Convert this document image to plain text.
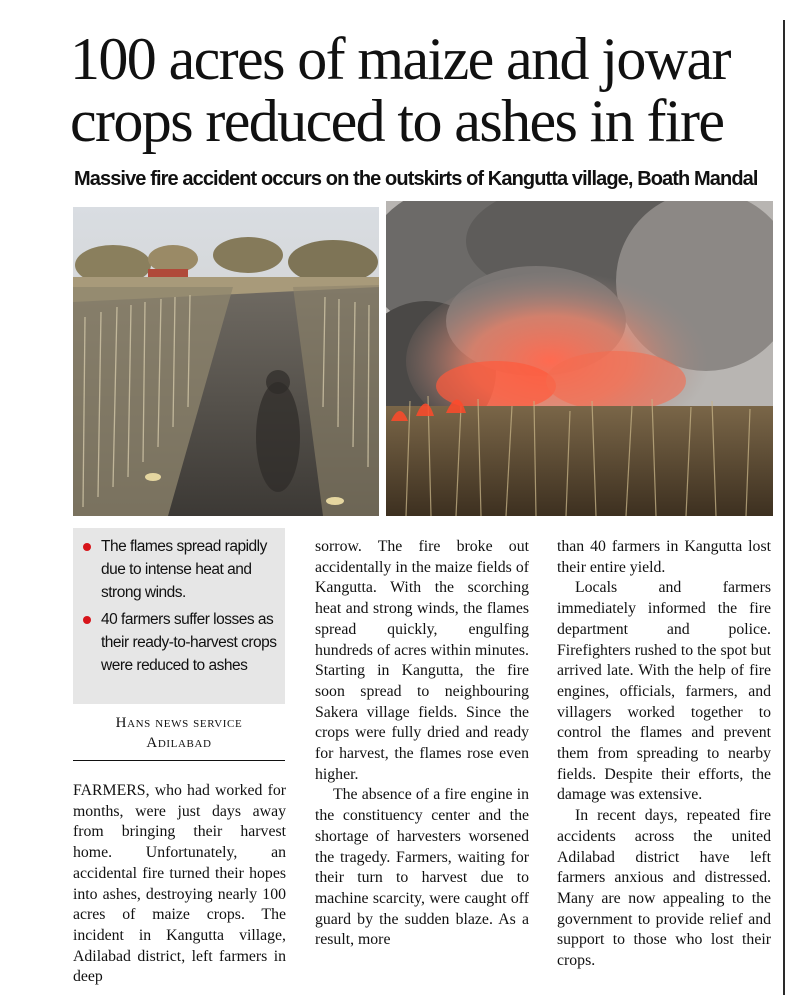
100 acres of maize and jowar
crops reduced to ashes in fire
Massive fire accident occurs on the outskirts of Kangutta village, Boath Mandal
The flames spread rapidly due to intense heat and strong winds.
40 farmers suffer losses as their ready-to-harvest crops were reduced to ashes
Hans news service
Adilabad

FARMERS, who had worked for months, were just days away from bringing their harvest home. Unfortunately, an accidental fire turned their hopes into ashes, destroying nearly 100 acres of maize crops. The incident in Kangutta village, Adilabad district, left farmers in deep

sorrow. The fire broke out accidentally in the maize fields of Kangutta. With the scorching heat and strong winds, the flames spread quickly, engulfing hundreds of acres within minutes. Starting in Kangutta, the fire soon spread to neighbouring Sakera village fields. Since the crops were fully dried and ready for harvest, the flames rose even higher.

The absence of a fire engine in the constituency center and the shortage of harvesters worsened the tragedy. Farmers, waiting for their turn to harvest due to machine scarcity, were caught off guard by the sudden blaze. As a result, more

than 40 farmers in Kangutta lost their entire yield.

Locals and farmers immediately informed the fire department and police. Firefighters rushed to the spot but arrived late. With the help of fire engines, officials, farmers, and villagers worked together to control the flames and prevent them from spreading to nearby fields. Despite their efforts, the damage was extensive.

In recent days, repeated fire accidents across the united Adilabad district have left farmers anxious and distressed. Many are now appealing to the government to provide relief and support to those who lost their crops.
